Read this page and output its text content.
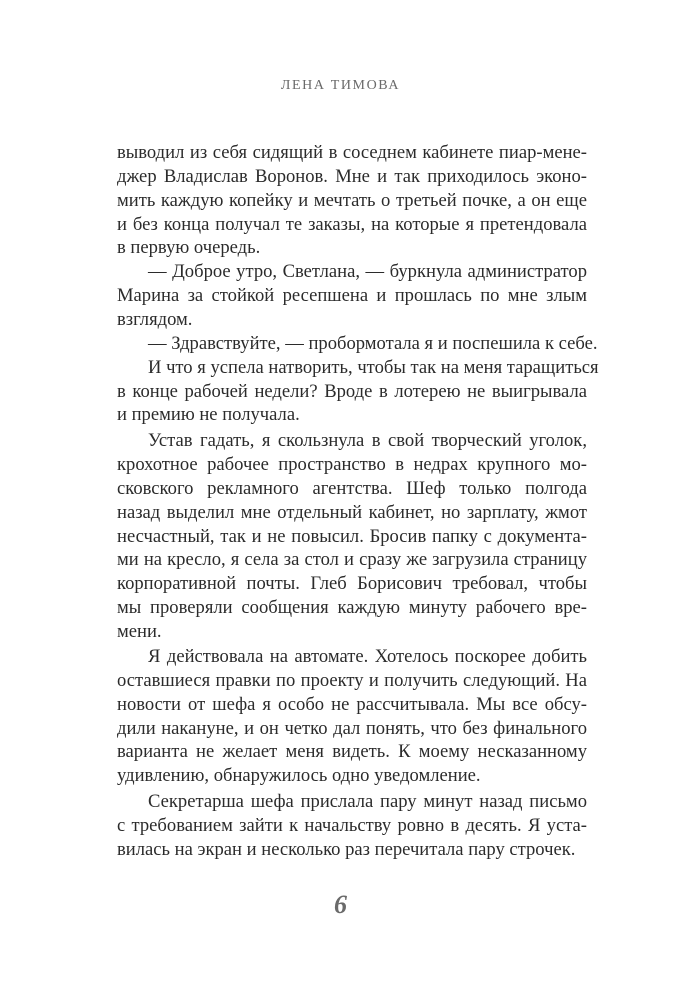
ЛЕНА ТИМОВА
выводил из себя сидящий в соседнем кабинете пиар-мене-
джер Владислав Воронов. Мне и так приходилось эконо-
мить каждую копейку и мечтать о третьей почке, а он еще
и без конца получал те заказы, на которые я претендовала
в первую очередь.
— Доброе утро, Светлана, — буркнула администратор
Марина за стойкой ресепшена и прошлась по мне злым
взглядом.
— Здравствуйте, — пробормотала я и поспешила к себе.
И что я успела натворить, чтобы так на меня таращиться
в конце рабочей недели? Вроде в лотерею не выигрывала
и премию не получала.
Устав гадать, я скользнула в свой творческий уголок,
крохотное рабочее пространство в недрах крупного мо-
сковского рекламного агентства. Шеф только полгода
назад выделил мне отдельный кабинет, но зарплату, жмот
несчастный, так и не повысил. Бросив папку с документа-
ми на кресло, я села за стол и сразу же загрузила страницу
корпоративной почты. Глеб Борисович требовал, чтобы
мы проверяли сообщения каждую минуту рабочего вре-
мени.
Я действовала на автомате. Хотелось поскорее добить
оставшиеся правки по проекту и получить следующий. На
новости от шефа я особо не рассчитывала. Мы все обсу-
дили накануне, и он четко дал понять, что без финального
варианта не желает меня видеть. К моему несказанному
удивлению, обнаружилось одно уведомление.
Секретарша шефа прислала пару минут назад письмо
с требованием зайти к начальству ровно в десять. Я уста-
вилась на экран и несколько раз перечитала пару строчек.
6
